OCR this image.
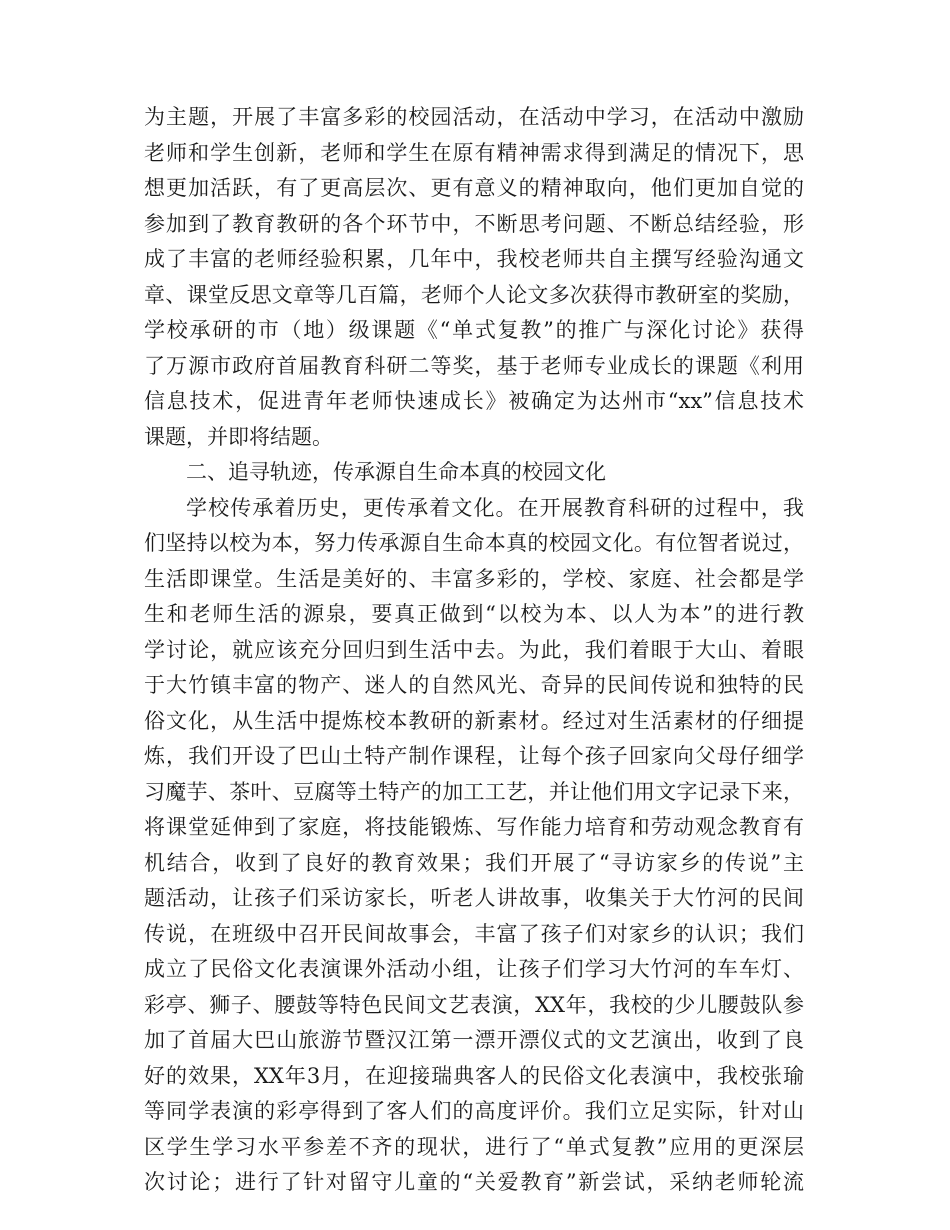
为主题，开展了丰富多彩的校园活动，在活动中学习，在活动中激励
老师和学生创新，老师和学生在原有精神需求得到满足的情况下，思
想更加活跃，有了更高层次、更有意义的精神取向，他们更加自觉的
参加到了教育教研的各个环节中，不断思考问题、不断总结经验，形
成了丰富的老师经验积累，几年中，我校老师共自主撰写经验沟通文
章、课堂反思文章等几百篇，老师个人论文多次获得市教研室的奖励，
学校承研的市（地）级课题《“单式复教”的推广与深化讨论》获得
了万源市政府首届教育科研二等奖，基于老师专业成长的课题《利用
信息技术，促进青年老师快速成长》被确定为达州市“xx”信息技术
课题，并即将结题。
二、追寻轨迹，传承源自生命本真的校园文化
学校传承着历史，更传承着文化。在开展教育科研的过程中，我
们坚持以校为本，努力传承源自生命本真的校园文化。有位智者说过，
生活即课堂。生活是美好的、丰富多彩的，学校、家庭、社会都是学
生和老师生活的源泉，要真正做到“以校为本、以人为本”的进行教
学讨论，就应该充分回归到生活中去。为此，我们着眼于大山、着眼
于大竹镇丰富的物产、迷人的自然风光、奇异的民间传说和独特的民
俗文化，从生活中提炼校本教研的新素材。经过对生活素材的仔细提
炼，我们开设了巴山土特产制作课程，让每个孩子回家向父母仔细学
习魔芋、茶叶、豆腐等土特产的加工工艺，并让他们用文字记录下来，
将课堂延伸到了家庭，将技能锻炼、写作能力培育和劳动观念教育有
机结合，收到了良好的教育效果；我们开展了“寻访家乡的传说”主
题活动，让孩子们采访家长，听老人讲故事，收集关于大竹河的民间
传说，在班级中召开民间故事会，丰富了孩子们对家乡的认识；我们
成立了民俗文化表演课外活动小组，让孩子们学习大竹河的车车灯、
彩亭、狮子、腰鼓等特色民间文艺表演，XX年，我校的少儿腰鼓队参
加了首届大巴山旅游节暨汉江第一漂开漂仪式的文艺演出，收到了良
好的效果，XX年3月，在迎接瑞典客人的民俗文化表演中，我校张瑜
等同学表演的彩亭得到了客人们的高度评价。我们立足实际，针对山
区学生学习水平参差不齐的现状，进行了“单式复教”应用的更深层
次讨论；进行了针对留守儿童的“关爱教育”新尝试，采纳老师轮流
